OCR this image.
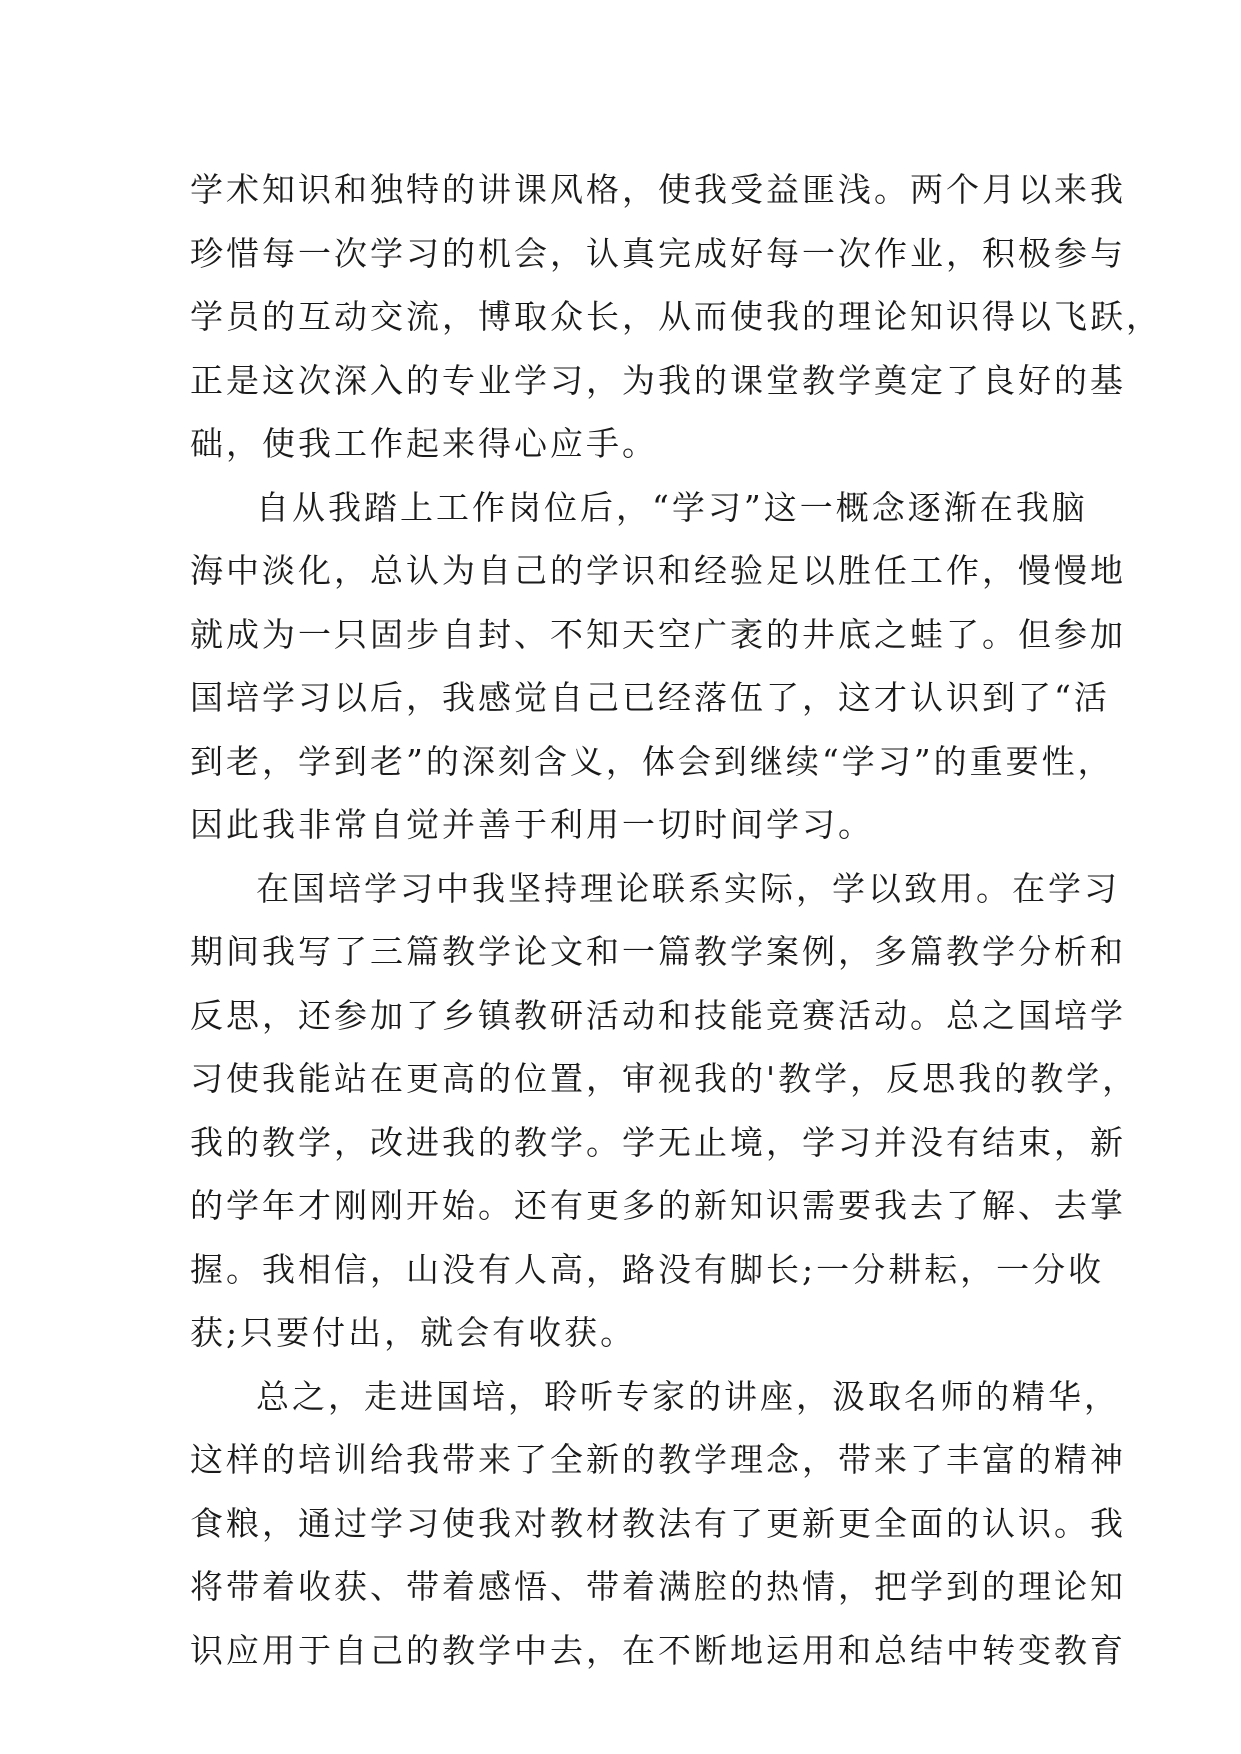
学术知识和独特的讲课风格，使我受益匪浅。两个月以来我
珍惜每一次学习的机会，认真完成好每一次作业，积极参与
学员的互动交流，博取众长，从而使我的理论知识得以飞跃，
正是这次深入的专业学习，为我的课堂教学奠定了良好的基
础，使我工作起来得心应手。
自从我踏上工作岗位后，“学习”这一概念逐渐在我脑
海中淡化，总认为自己的学识和经验足以胜任工作，慢慢地
就成为一只固步自封、不知天空广袤的井底之蛙了。但参加
国培学习以后，我感觉自己已经落伍了，这才认识到了“活
到老，学到老”的深刻含义，体会到继续“学习”的重要性，
因此我非常自觉并善于利用一切时间学习。
在国培学习中我坚持理论联系实际，学以致用。在学习
期间我写了三篇教学论文和一篇教学案例，多篇教学分析和
反思，还参加了乡镇教研活动和技能竞赛活动。总之国培学
习使我能站在更高的位置，审视我的'教学，反思我的教学，
我的教学，改进我的教学。学无止境，学习并没有结束，新
的学年才刚刚开始。还有更多的新知识需要我去了解、去掌
握。我相信，山没有人高，路没有脚长;一分耕耘，一分收
获;只要付出，就会有收获。
总之，走进国培，聆听专家的讲座，汲取名师的精华，
这样的培训给我带来了全新的教学理念，带来了丰富的精神
食粮，通过学习使我对教材教法有了更新更全面的认识。我
将带着收获、带着感悟、带着满腔的热情，把学到的理论知
识应用于自己的教学中去，在不断地运用和总结中转变教育
